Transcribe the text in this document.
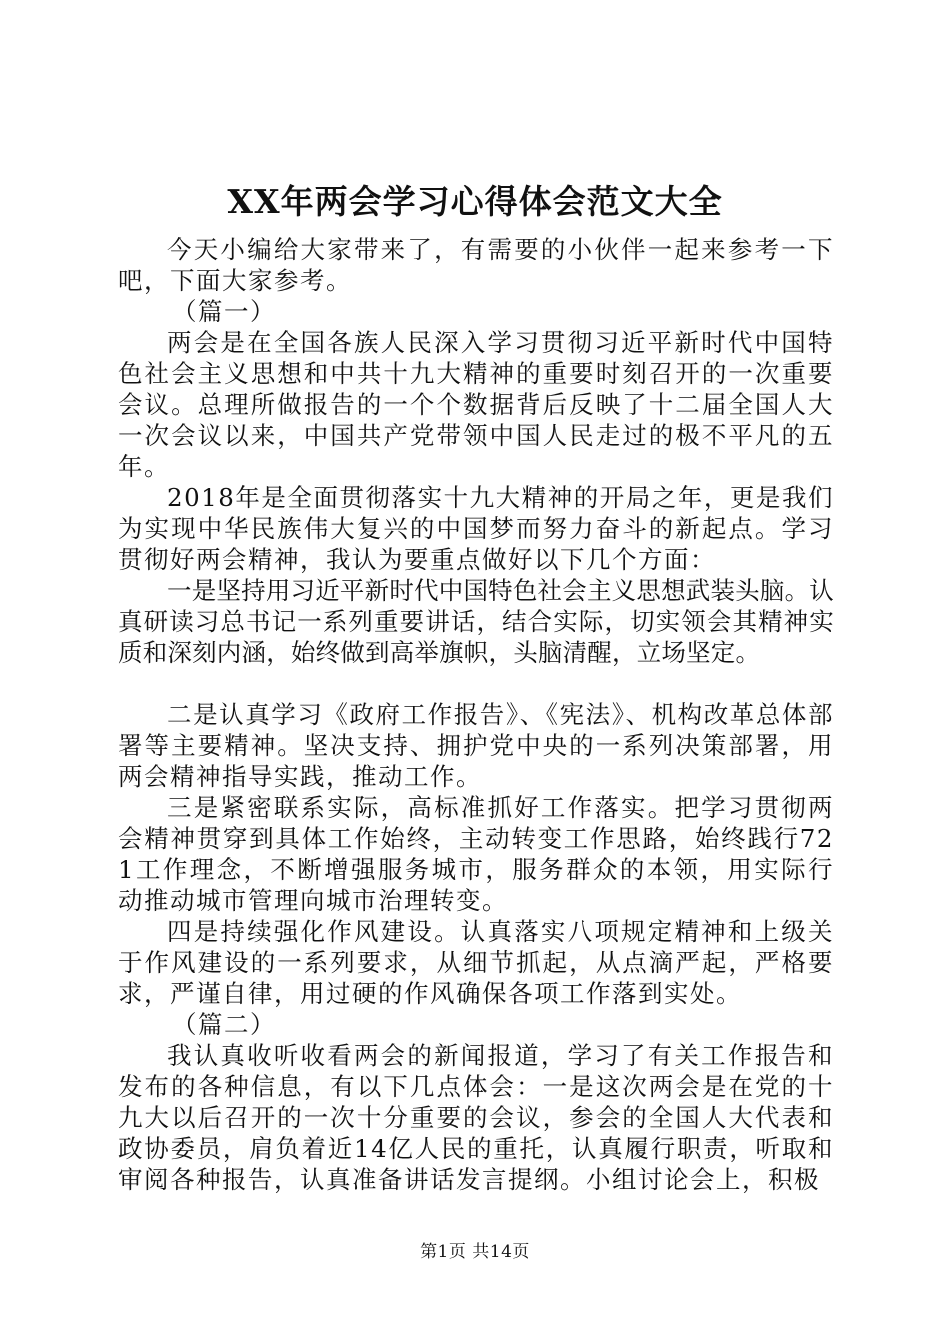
XX年两会学习心得体会范文大全

今天小编给大家带来了，有需要的小伙伴一起来参考一下吧，下面大家参考。

（篇一）

两会是在全国各族人民深入学习贯彻习近平新时代中国特色社会主义思想和中共十九大精神的重要时刻召开的一次重要会议。总理所做报告的一个个数据背后反映了十二届全国人大一次会议以来，中国共产党带领中国人民走过的极不平凡的五年。

2018年是全面贯彻落实十九大精神的开局之年，更是我们为实现中华民族伟大复兴的中国梦而努力奋斗的新起点。学习贯彻好两会精神，我认为要重点做好以下几个方面：

一是坚持用习近平新时代中国特色社会主义思想武装头脑。认真研读习总书记一系列重要讲话，结合实际，切实领会其精神实质和深刻内涵，始终做到高举旗帜，头脑清醒，立场坚定。

二是认真学习《政府工作报告》、《宪法》、机构改革总体部署等主要精神。坚决支持、拥护党中央的一系列决策部署，用两会精神指导实践，推动工作。

三是紧密联系实际，高标准抓好工作落实。把学习贯彻两会精神贯穿到具体工作始终，主动转变工作思路，始终践行721工作理念，不断增强服务城市，服务群众的本领，用实际行动推动城市管理向城市治理转变。

四是持续强化作风建设。认真落实八项规定精神和上级关于作风建设的一系列要求，从细节抓起，从点滴严起，严格要求，严谨自律，用过硬的作风确保各项工作落到实处。

（篇二）

我认真收听收看两会的新闻报道，学习了有关工作报告和发布的各种信息，有以下几点体会：一是这次两会是在党的十九大以后召开的一次十分重要的会议，参会的全国人大代表和政协委员，肩负着近14亿人民的重托，认真履行职责，听取和审阅各种报告，认真准备讲话发言提纲。小组讨论会上，积极

第1页 共14页
